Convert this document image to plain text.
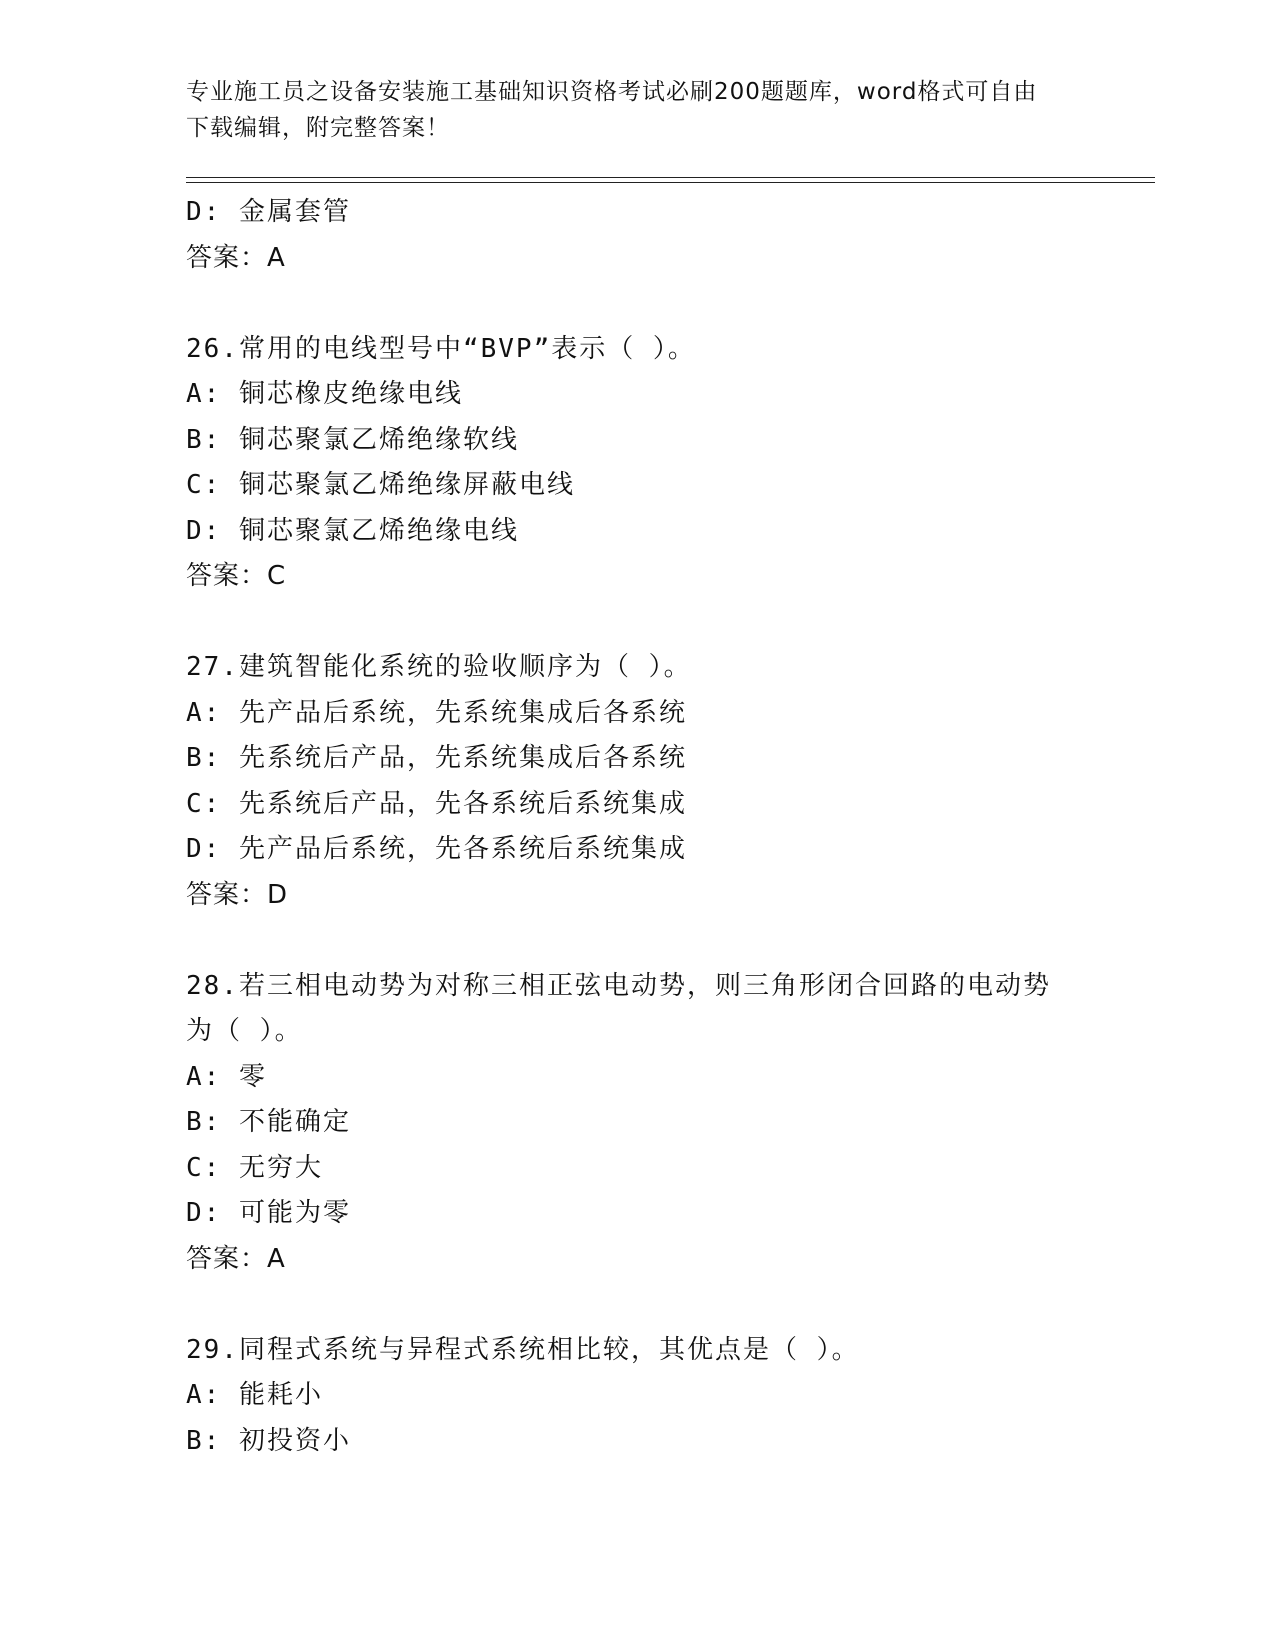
专业施工员之设备安装施工基础知识资格考试必刷200题题库，word格式可自由
下载编辑，附完整答案！
D: 金属套管
答案：A
26.常用的电线型号中“BVP”表示（ ）。
A: 铜芯橡皮绝缘电线
B: 铜芯聚氯乙烯绝缘软线
C: 铜芯聚氯乙烯绝缘屏蔽电线
D: 铜芯聚氯乙烯绝缘电线
答案：C
27.建筑智能化系统的验收顺序为（ ）。
A: 先产品后系统，先系统集成后各系统
B: 先系统后产品，先系统集成后各系统
C: 先系统后产品，先各系统后系统集成
D: 先产品后系统，先各系统后系统集成
答案：D
28.若三相电动势为对称三相正弦电动势，则三角形闭合回路的电动势
为（ ）。
A: 零
B: 不能确定
C: 无穷大
D: 可能为零
答案：A
29.同程式系统与异程式系统相比较，其优点是（ ）。
A: 能耗小
B: 初投资小
